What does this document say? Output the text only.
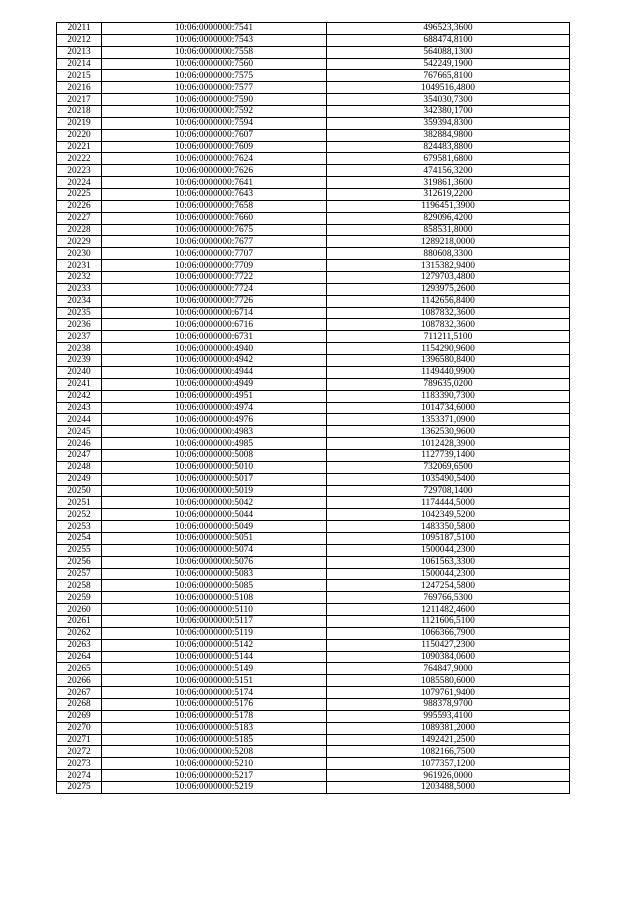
20211	10:06:0000000:7541	496523,3600
20212	10:06:0000000:7543	688474,8100
20213	10:06:0000000:7558	564088,1300
20214	10:06:0000000:7560	542249,1900
20215	10:06:0000000:7575	767665,8100
20216	10:06:0000000:7577	1049516,4800
20217	10:06:0000000:7590	354030,7300
20218	10:06:0000000:7592	342380,1700
20219	10:06:0000000:7594	359394,8300
20220	10:06:0000000:7607	382884,9800
20221	10:06:0000000:7609	824483,8800
20222	10:06:0000000:7624	679581,6800
20223	10:06:0000000:7626	474156,3200
20224	10:06:0000000:7641	319861,3600
20225	10:06:0000000:7643	312619,2200
20226	10:06:0000000:7658	1196451,3900
20227	10:06:0000000:7660	829096,4200
20228	10:06:0000000:7675	858531,8000
20229	10:06:0000000:7677	1289218,0000
20230	10:06:0000000:7707	880608,3300
20231	10:06:0000000:7709	1315382,9400
20232	10:06:0000000:7722	1279703,4800
20233	10:06:0000000:7724	1293975,2600
20234	10:06:0000000:7726	1142656,8400
20235	10:06:0000000:6714	1087832,3600
20236	10:06:0000000:6716	1087832,3600
20237	10:06:0000000:6731	711211,5100
20238	10:06:0000000:4940	1154290,9600
20239	10:06:0000000:4942	1396580,8400
20240	10:06:0000000:4944	1149440,9900
20241	10:06:0000000:4949	789635,0200
20242	10:06:0000000:4951	1183390,7300
20243	10:06:0000000:4974	1014734,6000
20244	10:06:0000000:4976	1353371,0900
20245	10:06:0000000:4983	1362530,9600
20246	10:06:0000000:4985	1012428,3900
20247	10:06:0000000:5008	1127739,1400
20248	10:06:0000000:5010	732069,6500
20249	10:06:0000000:5017	1035490,5400
20250	10:06:0000000:5019	729708,1400
20251	10:06:0000000:5042	1174444,5000
20252	10:06:0000000:5044	1042349,5200
20253	10:06:0000000:5049	1483350,5800
20254	10:06:0000000:5051	1095187,5100
20255	10:06:0000000:5074	1500044,2300
20256	10:06:0000000:5076	1061563,3300
20257	10:06:0000000:5083	1500044,2300
20258	10:06:0000000:5085	1247254,5800
20259	10:06:0000000:5108	769766,5300
20260	10:06:0000000:5110	1211482,4600
20261	10:06:0000000:5117	1121606,5100
20262	10:06:0000000:5119	1066366,7900
20263	10:06:0000000:5142	1150427,2300
20264	10:06:0000000:5144	1090384,0600
20265	10:06:0000000:5149	764847,9000
20266	10:06:0000000:5151	1085580,6000
20267	10:06:0000000:5174	1079761,9400
20268	10:06:0000000:5176	988378,9700
20269	10:06:0000000:5178	995593,4100
20270	10:06:0000000:5183	1089381,2000
20271	10:06:0000000:5185	1492421,2500
20272	10:06:0000000:5208	1082166,7500
20273	10:06:0000000:5210	1077357,1200
20274	10:06:0000000:5217	961926,0000
20275	10:06:0000000:5219	1203488,5000
